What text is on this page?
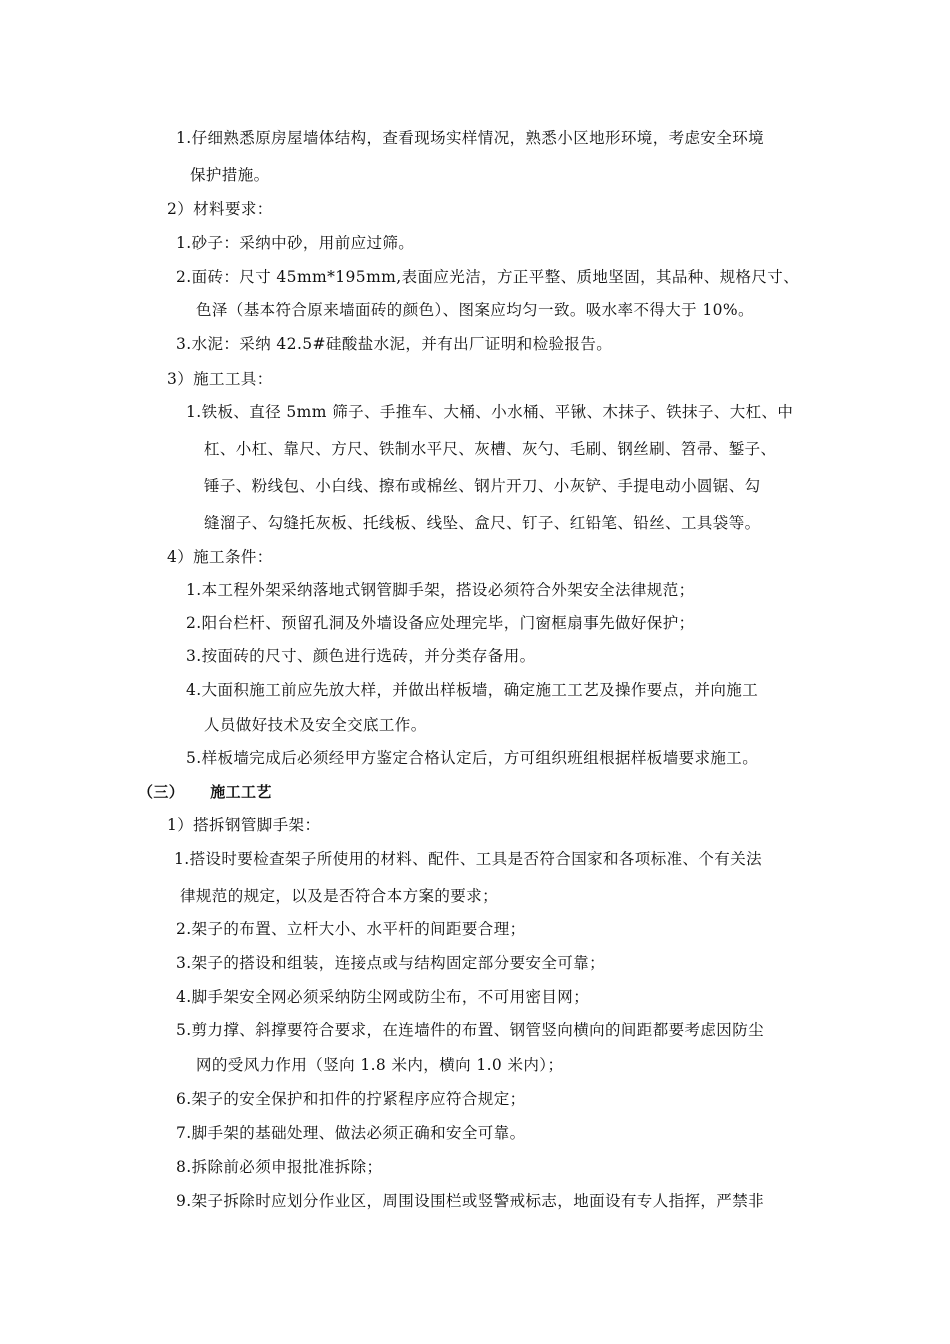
1.仔细熟悉原房屋墙体结构，查看现场实样情况，熟悉小区地形环境，考虑安全环境
保护措施。
2）材料要求：
1.砂子：采纳中砂，用前应过筛。
2.面砖：尺寸 45mm*195mm,表面应光洁，方正平整、质地坚固，其品种、规格尺寸、
色泽（基本符合原来墙面砖的颜色）、图案应均匀一致。吸水率不得大于 10%。
3.水泥：采纳 42.5#硅酸盐水泥，并有出厂证明和检验报告。
3）施工工具：
1.铁板、直径 5mm 筛子、手推车、大桶、小水桶、平锹、木抹子、铁抹子、大杠、中
杠、小杠、靠尺、方尺、铁制水平尺、灰槽、灰勺、毛刷、钢丝刷、笤帚、錾子、
锤子、粉线包、小白线、擦布或棉丝、钢片开刀、小灰铲、手提电动小圆锯、勾
缝溜子、勾缝托灰板、托线板、线坠、盒尺、钉子、红铅笔、铅丝、工具袋等。
4）施工条件：
1.本工程外架采纳落地式钢管脚手架，搭设必须符合外架安全法律规范；
2.阳台栏杆、预留孔洞及外墙设备应处理完毕，门窗框扇事先做好保护；
3.按面砖的尺寸、颜色进行选砖，并分类存备用。
4.大面积施工前应先放大样，并做出样板墙，确定施工工艺及操作要点，并向施工
人员做好技术及安全交底工作。
5.样板墙完成后必须经甲方鉴定合格认定后，方可组织班组根据样板墙要求施工。
（三） 施工工艺
1）搭拆钢管脚手架：
1.搭设时要检查架子所使用的材料、配件、工具是否符合国家和各项标准、个有关法
律规范的规定，以及是否符合本方案的要求；
2.架子的布置、立杆大小、水平杆的间距要合理；
3.架子的搭设和组装，连接点或与结构固定部分要安全可靠；
4.脚手架安全网必须采纳防尘网或防尘布，不可用密目网；
5.剪力撑、斜撑要符合要求，在连墙件的布置、钢管竖向横向的间距都要考虑因防尘
网的受风力作用（竖向 1.8 米内，横向 1.0 米内）；
6.架子的安全保护和扣件的拧紧程序应符合规定；
7.脚手架的基础处理、做法必须正确和安全可靠。
8.拆除前必须申报批准拆除；
9.架子拆除时应划分作业区，周围设围栏或竖警戒标志，地面设有专人指挥，严禁非
